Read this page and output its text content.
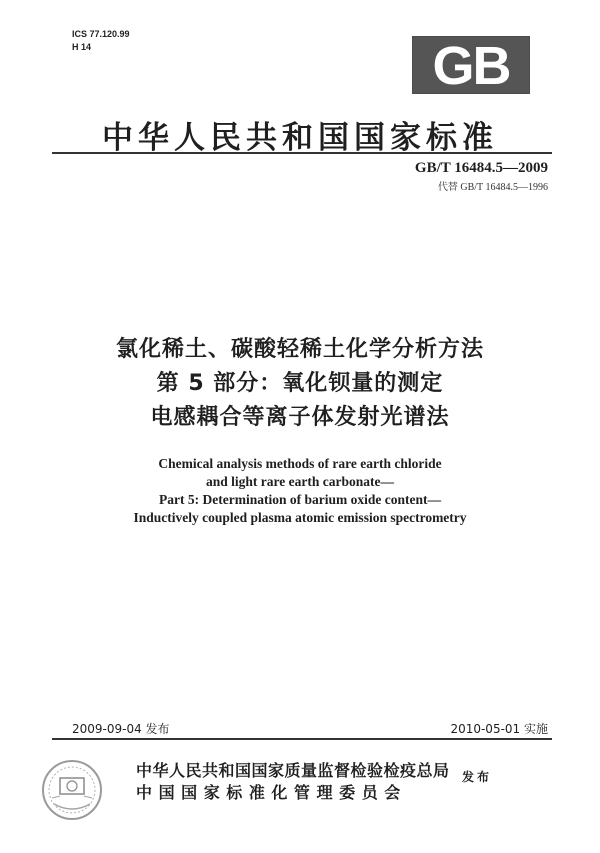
ICS 77.120.99
H 14	GB
中华人民共和国国家标准
GB/T 16484.5—2009
代替 GB/T 16484.5—1996
氯化稀土、碳酸轻稀土化学分析方法
第 5 部分：氧化钡量的测定
电感耦合等离子体发射光谱法
Chemical analysis methods of rare earth chloride
and light rare earth carbonate—
Part 5: Determination of barium oxide content—
Inductively coupled plasma atomic emission spectrometry
2009-09-04 发布	2010-05-01 实施
中华人民共和国国家质量监督检验检疫总局
中 国 国 家 标 准 化 管 理 委 员 会
发布
